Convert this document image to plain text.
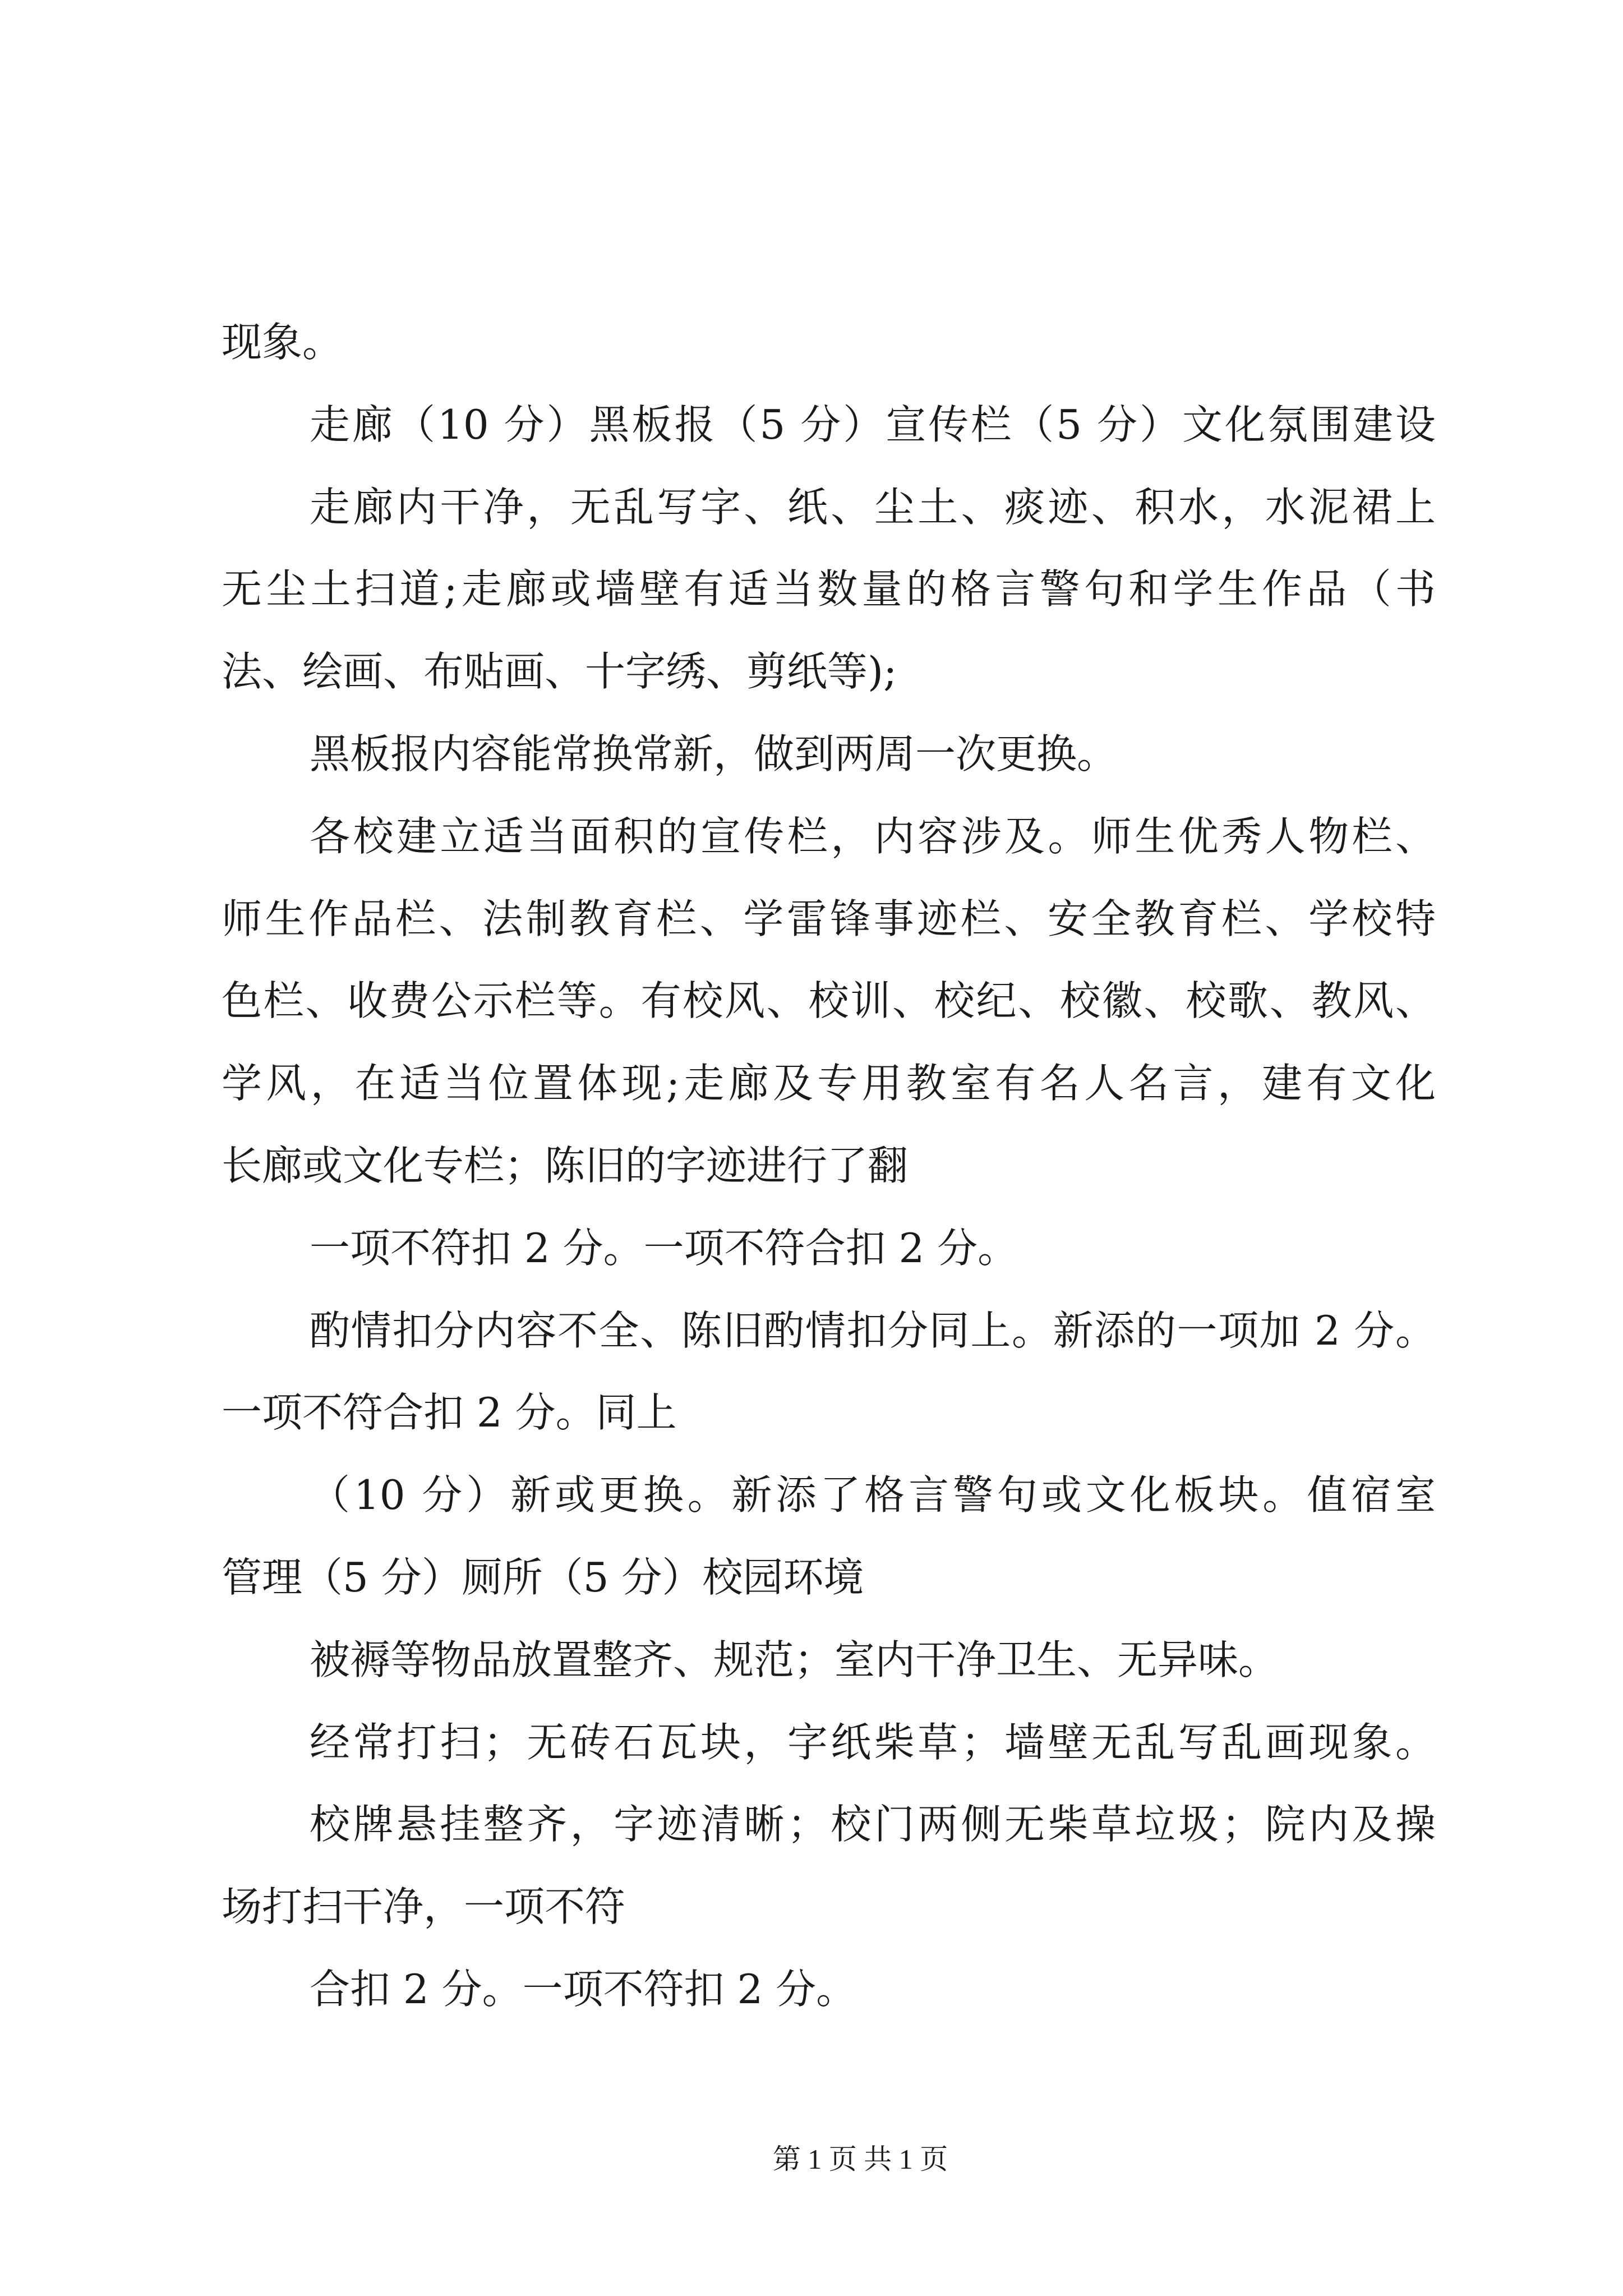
现象。
走廊（10 分）黑板报（5 分）宣传栏（5 分）文化氛围建设
走廊内干净，无乱写字、纸、尘土、痰迹、积水，水泥裙上
无尘土扫道;走廊或墙壁有适当数量的格言警句和学生作品（书
法、绘画、布贴画、十字绣、剪纸等);
黑板报内容能常换常新，做到两周一次更换。
各校建立适当面积的宣传栏，内容涉及。师生优秀人物栏、
师生作品栏、法制教育栏、学雷锋事迹栏、安全教育栏、学校特
色栏、收费公示栏等。有校风、校训、校纪、校徽、校歌、教风、
学风，在适当位置体现;走廊及专用教室有名人名言，建有文化
长廊或文化专栏；陈旧的字迹进行了翻
一项不符扣 2 分。一项不符合扣 2 分。
酌情扣分内容不全、陈旧酌情扣分同上。新添的一项加 2 分。
一项不符合扣 2 分。同上
（10 分）新或更换。新添了格言警句或文化板块。值宿室
管理（5 分）厕所（5 分）校园环境
被褥等物品放置整齐、规范；室内干净卫生、无异味。
经常打扫；无砖石瓦块，字纸柴草；墙壁无乱写乱画现象。
校牌悬挂整齐，字迹清晰；校门两侧无柴草垃圾；院内及操
场打扫干净，一项不符
合扣 2 分。一项不符扣 2 分。
第 1 页 共 1 页
